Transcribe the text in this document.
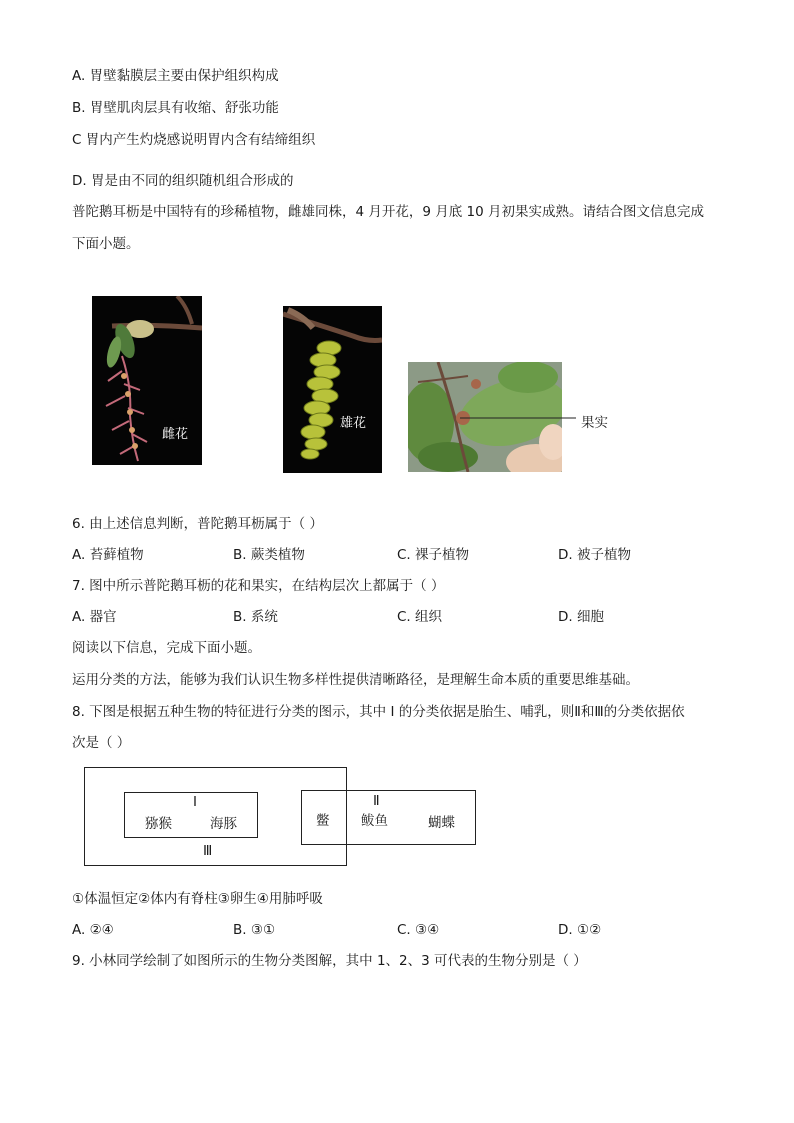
A. 胃壁黏膜层主要由保护组织构成
B. 胃壁肌肉层具有收缩、舒张功能
C 胃内产生灼烧感说明胃内含有结缔组织
D. 胃是由不同的组织随机组合形成的
普陀鹅耳枥是中国特有的珍稀植物，雌雄同株，4 月开花，9 月底 10 月初果实成熟。请结合图文信息完成
下面小题。
雌花
雄花	果实
6. 由上述信息判断，普陀鹅耳枥属于（ ）
A. 苔藓植物	B. 蕨类植物	C. 裸子植物	D. 被子植物
7. 图中所示普陀鹅耳枥的花和果实，在结构层次上都属于（ ）
A. 器官	B. 系统	C. 组织	D. 细胞
阅读以下信息，完成下面小题。
运用分类的方法，能够为我们认识生物多样性提供清晰路径，是理解生命本质的重要思维基础。
8. 下图是根据五种生物的特征进行分类的图示，其中 I 的分类依据是胎生、哺乳，则Ⅱ和Ⅲ的分类依据依
次是（ ）
I
猕猴	海豚
Ⅲ
鳖
Ⅱ
鲅鱼	蝴蝶
①体温恒定②体内有脊柱③卵生④用肺呼吸
A. ②④	B. ③①	C. ③④	D. ①②
9. 小林同学绘制了如图所示的生物分类图解，其中 1、2、3 可代表的生物分别是（ ）
